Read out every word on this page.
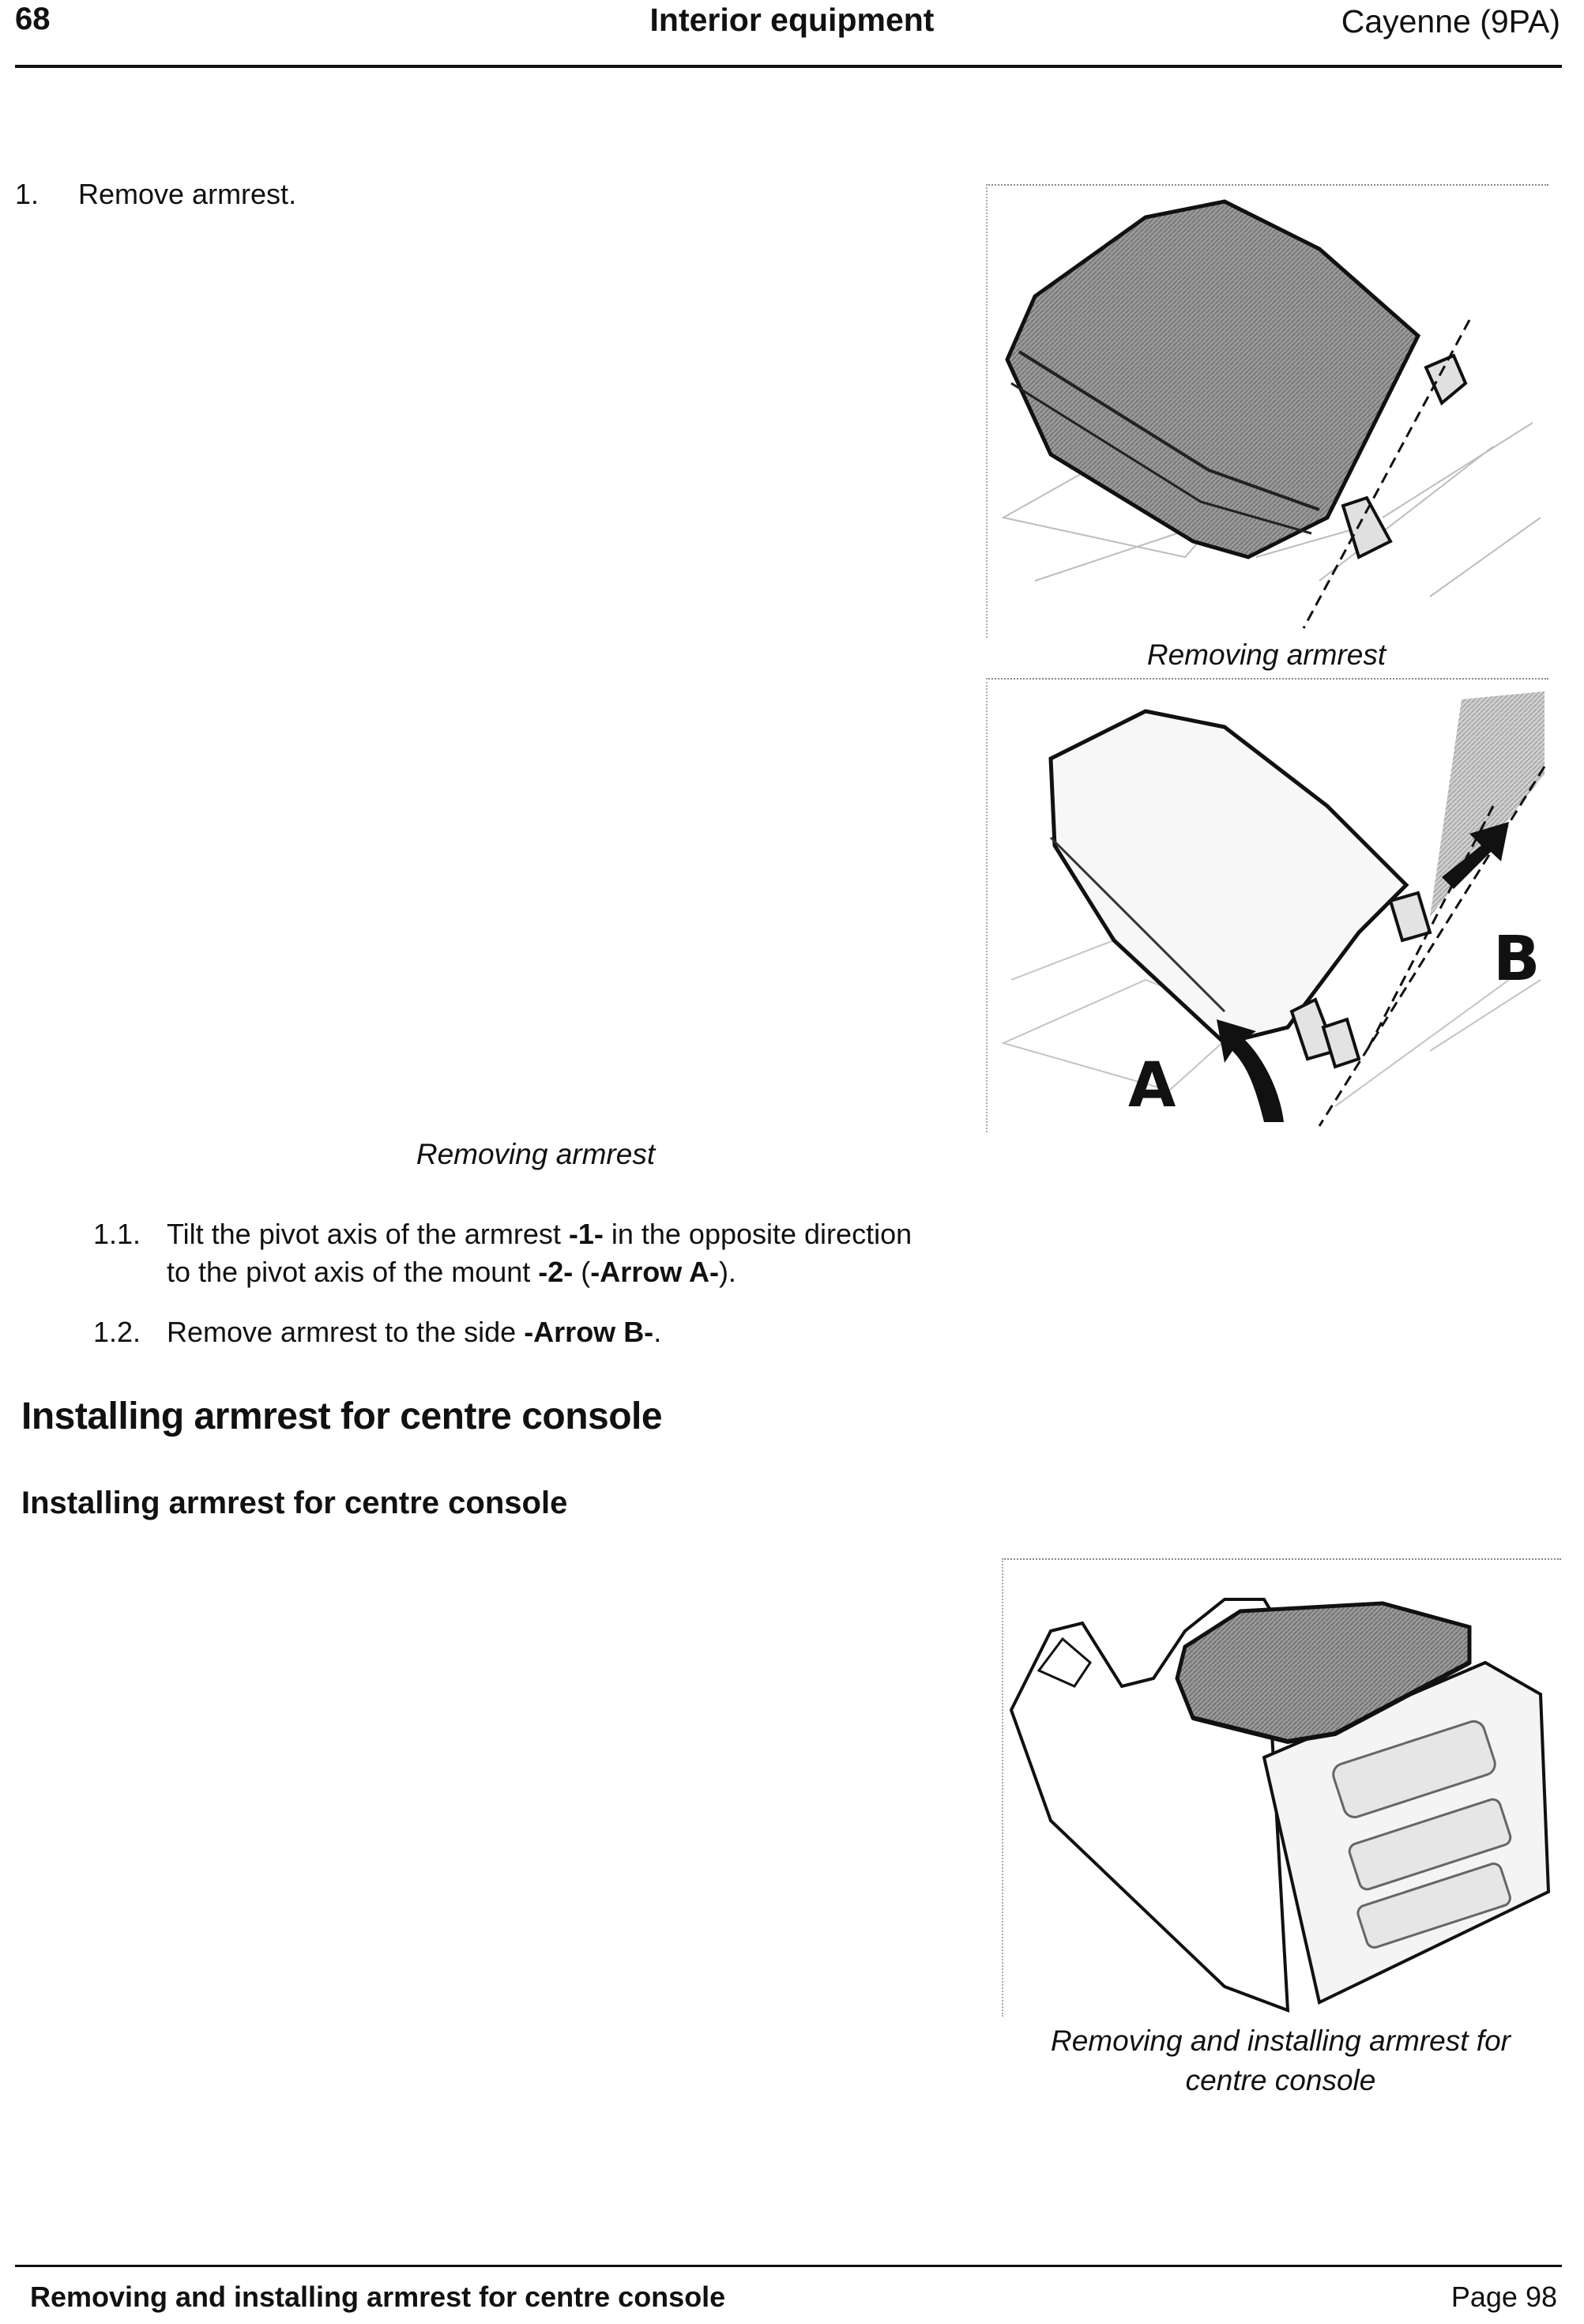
68	Interior equipment	Cayenne (9PA)
1. Remove armrest.
Removing armrest
B
A
Removing armrest
1.1. Tilt the pivot axis of the armrest -1- in the opposite direction
to the pivot axis of the mount -2- (-Arrow A-).
1.2. Remove armrest to the side -Arrow B-.
Installing armrest for centre console
Installing armrest for centre console
Removing and installing armrest for
centre console
Removing and installing armrest for centre console	Page 98
